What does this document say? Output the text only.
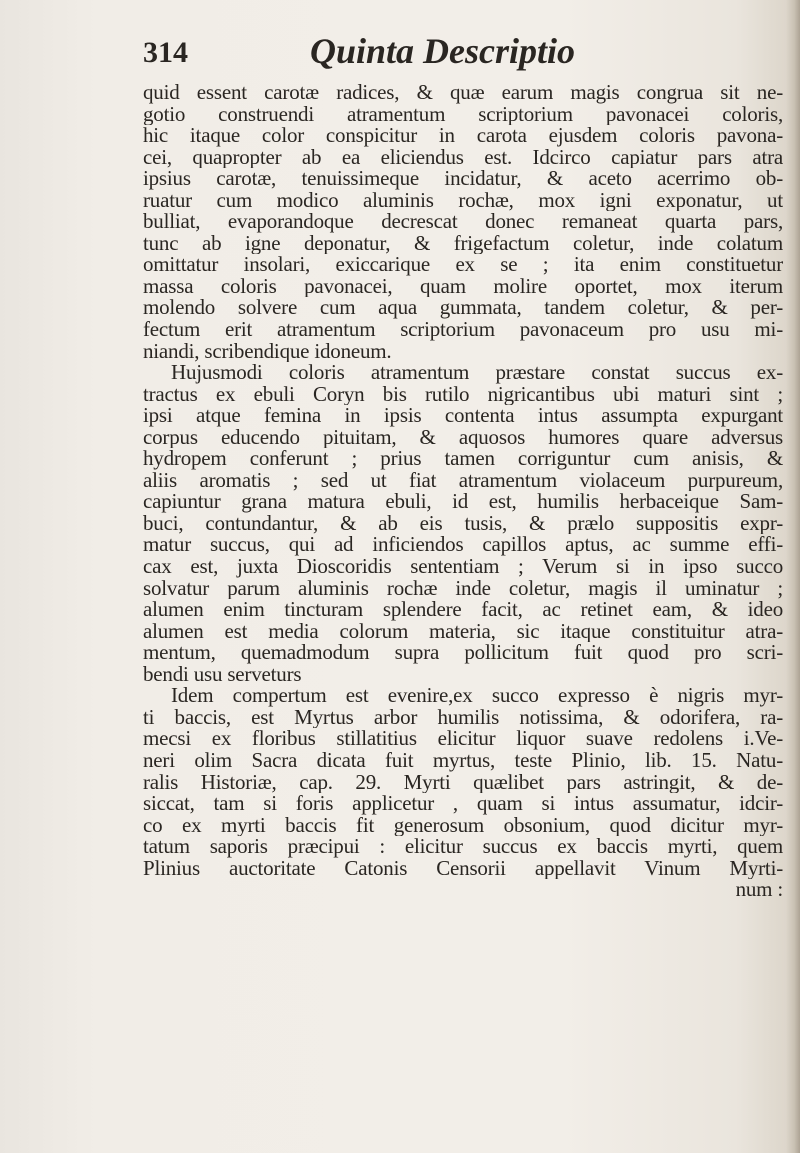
314	Quinta Descriptio
quid essent carotæ radices, & quæ earum magis congrua sit ne-
gotio construendi atramentum scriptorium pavonacei coloris,
hic itaque color conspicitur in carota ejusdem coloris pavona-
cei, quapropter ab ea eliciendus est. Idcirco capiatur pars atra
ipsius carotæ, tenuissimeque incidatur, & aceto acerrimo ob-
ruatur cum modico aluminis rochæ, mox igni exponatur, ut
bulliat, evaporandoque decrescat donec remaneat quarta pars,
tunc ab igne deponatur, & frigefactum coletur, inde colatum
omittatur insolari, exiccarique ex se ; ita enim constituetur
massa coloris pavonacei, quam molire oportet, mox iterum
molendo solvere cum aqua gummata, tandem coletur, & per-
fectum erit atramentum scriptorium pavonaceum pro usu mi-
niandi, scribendique idoneum.
Hujusmodi coloris atramentum præstare constat succus ex-
tractus ex ebuli Coryn bis rutilo nigricantibus ubi maturi sint ;
ipsi atque femina in ipsis contenta intus assumpta expurgant
corpus educendo pituitam, & aquosos humores quare adversus
hydropem conferunt ; prius tamen corriguntur cum anisis, &
aliis aromatis ; sed ut fiat atramentum violaceum purpureum,
capiuntur grana matura ebuli, id est, humilis herbaceique Sam-
buci, contundantur, & ab eis tusis, & prælo suppositis expr-
matur succus, qui ad inficiendos capillos aptus, ac summe effi-
cax est, juxta Dioscoridis sententiam ; Verum si in ipso succo
solvatur parum aluminis rochæ inde coletur, magis il uminatur ;
alumen enim tincturam splendere facit, ac retinet eam, & ideo
alumen est media colorum materia, sic itaque constituitur atra-
mentum, quemadmodum supra pollicitum fuit quod pro scri-
bendi usu serveturs
Idem compertum est evenire,ex succo expresso è nigris myr-
ti baccis, est Myrtus arbor humilis notissima, & odorifera, ra-
mecsi ex floribus stillatitius elicitur liquor suave redolens i.Ve-
neri olim Sacra dicata fuit myrtus, teste Plinio, lib. 15. Natu-
ralis Historiæ, cap. 29. Myrti quælibet pars astringit, & de-
siccat, tam si foris applicetur , quam si intus assumatur, idcir-
co ex myrti baccis fit generosum obsonium, quod dicitur myr-
tatum saporis præcipui : elicitur succus ex baccis myrti, quem
Plinius auctoritate Catonis Censorii appellavit Vinum Myrti-
num :
